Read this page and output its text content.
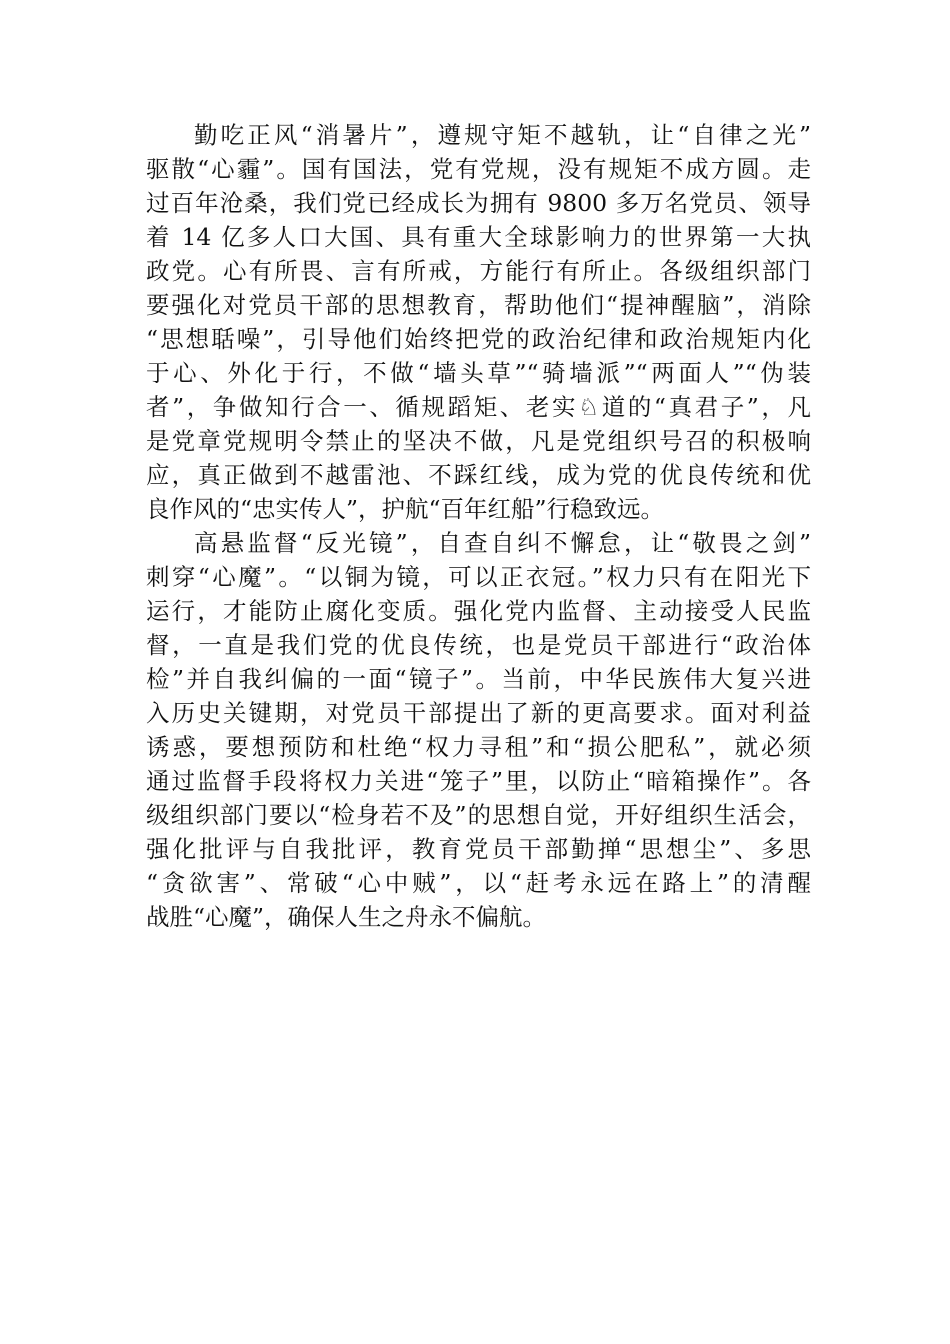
勤吃正风“消暑片”，遵规守矩不越轨，让“自律之光”
驱散“心霾”。国有国法，党有党规，没有规矩不成方圆。走
过百年沧桑，我们党已经成长为拥有 9800 多万名党员、领导
着 14 亿多人口大国、具有重大全球影响力的世界第一大执
政党。心有所畏、言有所戒，方能行有所止。各级组织部门
要强化对党员干部的思想教育，帮助他们“提神醒脑”，消除
“思想聒噪”，引导他们始终把党的政治纪律和政治规矩内化
于心、外化于行，不做“墙头草”“骑墙派”“两面人”“伪装
者”，争做知行合一、循规蹈矩、老实♘道的“真君子”，凡
是党章党规明令禁止的坚决不做，凡是党组织号召的积极响
应，真正做到不越雷池、不踩红线，成为党的优良传统和优
良作风的“忠实传人”，护航“百年红船”行稳致远。
高悬监督“反光镜”，自查自纠不懈怠，让“敬畏之剑”
刺穿“心魔”。“以铜为镜，可以正衣冠。”权力只有在阳光下
运行，才能防止腐化变质。强化党内监督、主动接受人民监
督，一直是我们党的优良传统，也是党员干部进行“政治体
检”并自我纠偏的一面“镜子”。当前，中华民族伟大复兴进
入历史关键期，对党员干部提出了新的更高要求。面对利益
诱惑，要想预防和杜绝“权力寻租”和“损公肥私”，就必须
通过监督手段将权力关进“笼子”里，以防止“暗箱操作”。各
级组织部门要以“检身若不及”的思想自觉，开好组织生活会，
强化批评与自我批评，教育党员干部勤掸“思想尘”、多思
“贪欲害”、常破“心中贼”，以“赶考永远在路上”的清醒
战胜“心魔”，确保人生之舟永不偏航。
